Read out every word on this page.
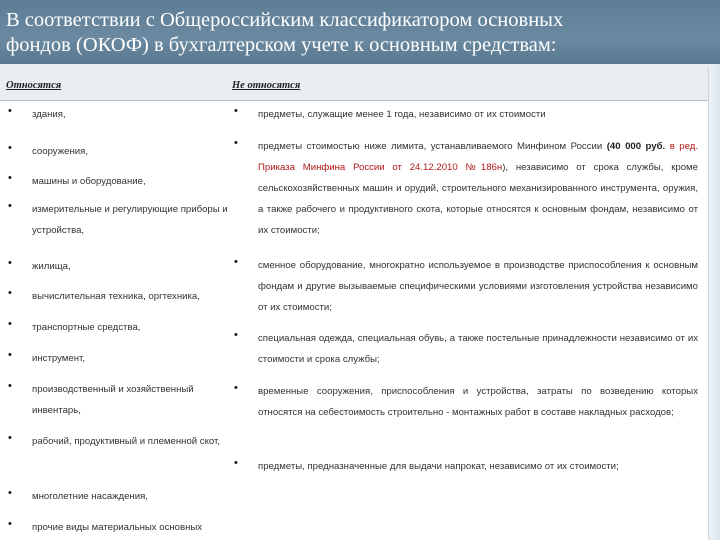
В соответствии с Общероссийским классификатором основных
фондов (ОКОФ) в бухгалтерском учете к основным средствам:
Относятся	Не относятся
• здания,
• сооружения,
• машины и оборудование,
• измерительные и регулирующие приборы и устройства,
• жилища,
• вычислительная техника, оргтехника,
• транспортные средства,
• инструмент,
• производственный и хозяйственный инвентарь,
• рабочий, продуктивный и племенной скот,
• многолетние насаждения,
• прочие виды материальных основных
• предметы, служащие менее 1 года, независимо от их стоимости
• предметы стоимостью ниже лимита, устанавливаемого Минфином России (40 000 руб. в ред. Приказа Минфина России от 24.12.2010 №186н), независимо от срока службы, кроме сельскохозяйственных машин и орудий, строительного механизированного инструмента, оружия, а также рабочего и продуктивного скота, которые относятся к основным фондам, независимо от их стоимости;
• сменное оборудование, многократно используемое в производстве приспособления к основным фондам и другие вызываемые специфическими условиями изготовления устройства независимо от их стоимости;
• специальная одежда, специальная обувь, а также постельные принадлежности независимо от их стоимости и срока службы;
• временные сооружения, приспособления и устройства, затраты по возведению которых относятся на себестоимость строительно - монтажных работ в составе накладных расходов;
• предметы, предназначенные для выдачи напрокат, независимо от их стоимости;
